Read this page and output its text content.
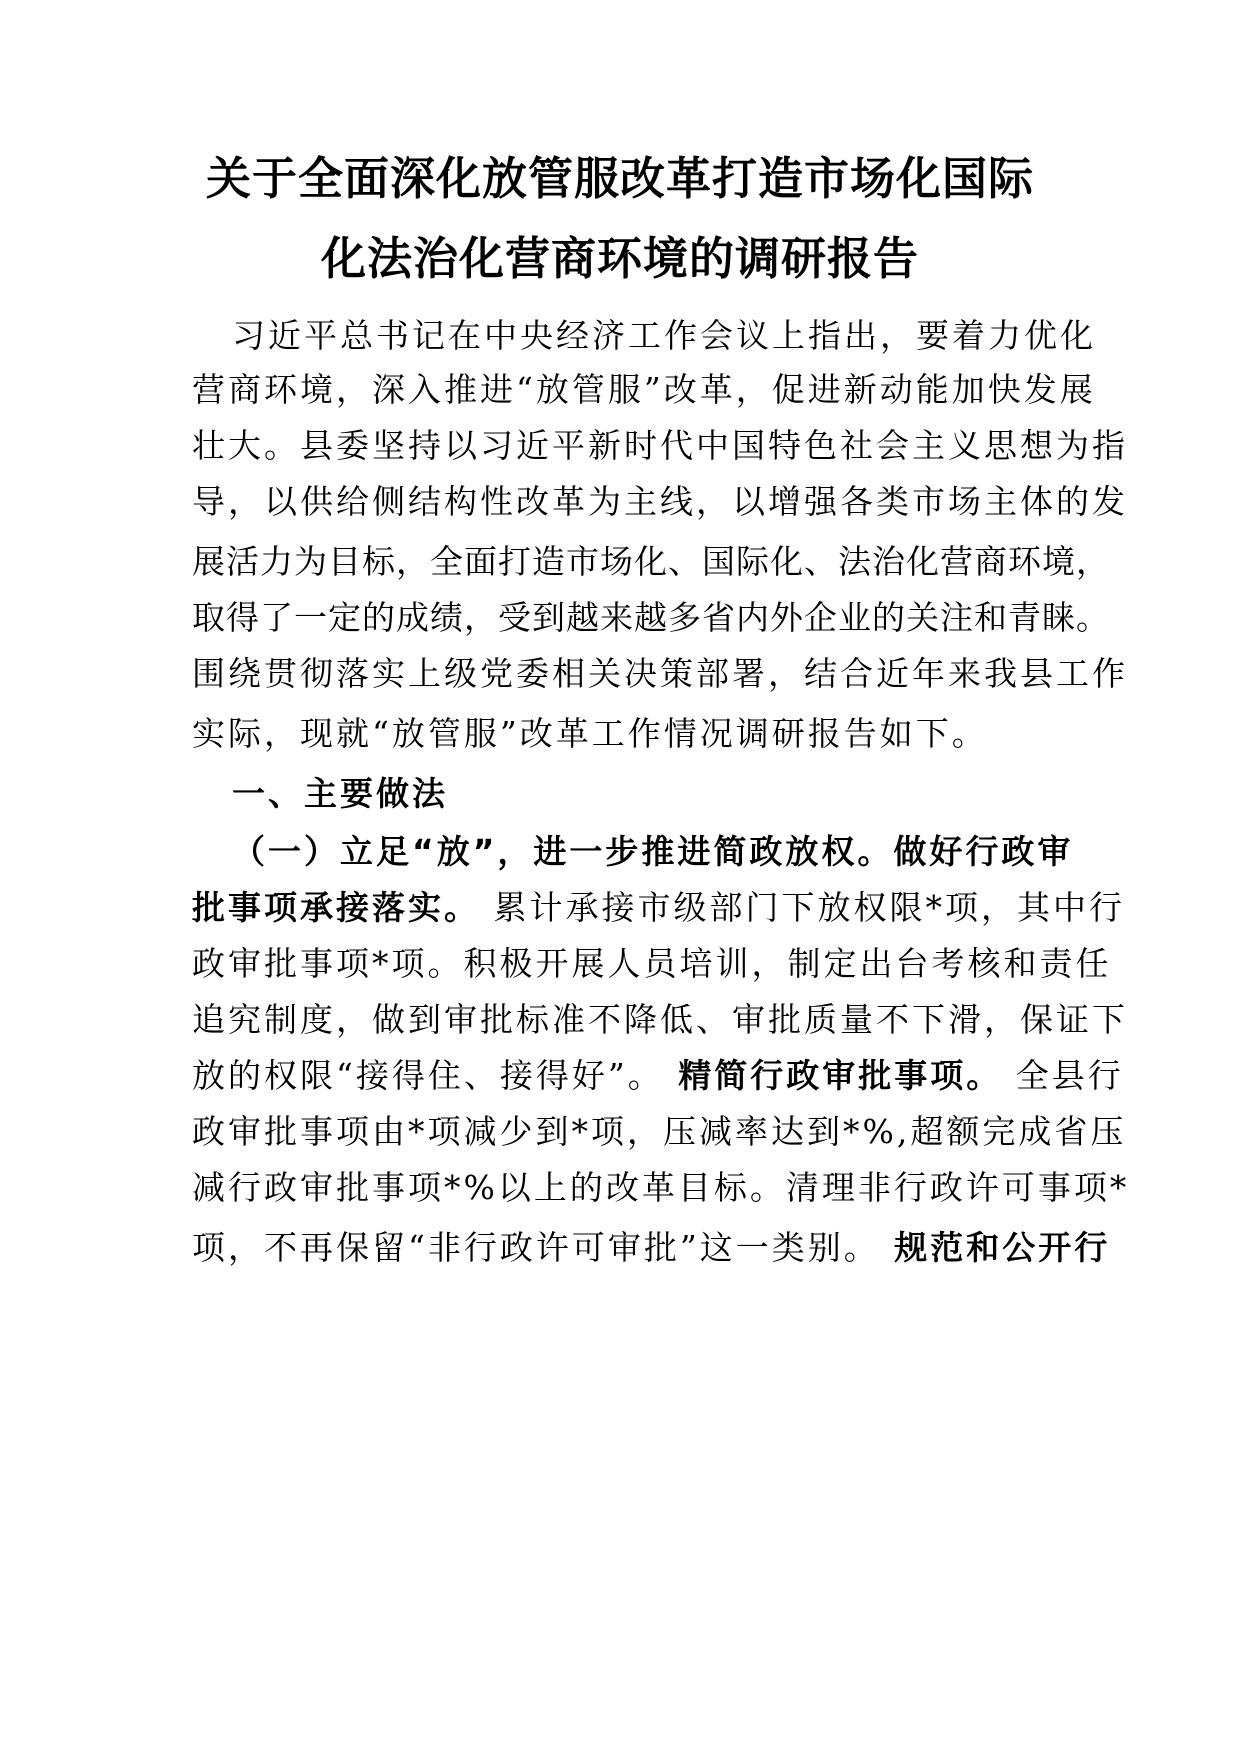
关于全面深化放管服改革打造市场化国际
化法治化营商环境的调研报告
习近平总书记在中央经济工作会议上指出，要着力优化
营商环境，深入推进“放管服”改革，促进新动能加快发展
壮大。县委坚持以习近平新时代中国特色社会主义思想为指
导，以供给侧结构性改革为主线，以增强各类市场主体的发
展活力为目标，全面打造市场化、国际化、法治化营商环境，
取得了一定的成绩，受到越来越多省内外企业的关注和青睐。
围绕贯彻落实上级党委相关决策部署，结合近年来我县工作
实际，现就“放管服”改革工作情况调研报告如下。
一、主要做法
（一）立足“放”，进一步推进简政放权。做好行政审
批事项承接落实。 累计承接市级部门下放权限*项，其中行
政审批事项*项。积极开展人员培训，制定出台考核和责任
追究制度，做到审批标准不降低、审批质量不下滑，保证下
放的权限“接得住、接得好”。 精简行政审批事项。 全县行
政审批事项由*项减少到*项，压减率达到*%,超额完成省压
减行政审批事项*%以上的改革目标。清理非行政许可事项*
项，不再保留“非行政许可审批”这一类别。 规范和公开行
